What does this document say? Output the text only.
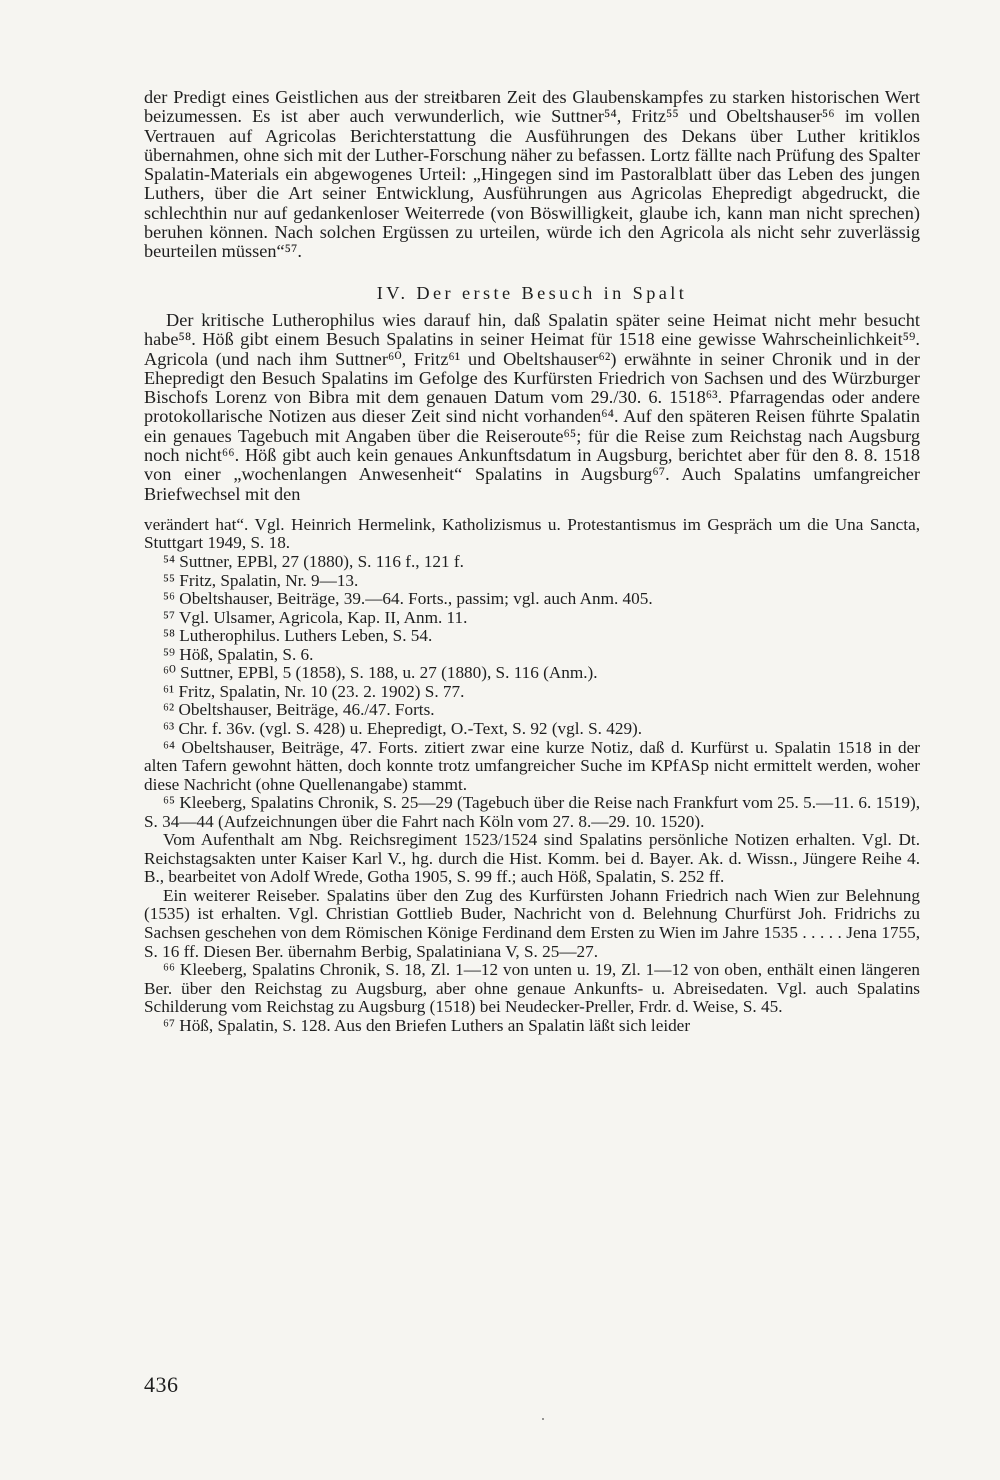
der Predigt eines Geistlichen aus der streitbaren Zeit des Glaubenskampfes zu starken historischen Wert beizumessen. Es ist aber auch verwunderlich, wie Suttner⁵⁴, Fritz⁵⁵ und Obeltshauser⁵⁶ im vollen Vertrauen auf Agricolas Berichterstattung die Ausführungen des Dekans über Luther kritiklos übernahmen, ohne sich mit der Luther-Forschung näher zu befassen. Lortz fällte nach Prüfung des Spalter Spalatin-Materials ein abgewogenes Urteil: „Hingegen sind im Pastoralblatt über das Leben des jungen Luthers, über die Art seiner Entwicklung, Ausführungen aus Agricolas Ehepredigt abgedruckt, die schlechthin nur auf gedankenloser Weiterrede (von Böswilligkeit, glaube ich, kann man nicht sprechen) beruhen können. Nach solchen Ergüssen zu urteilen, würde ich den Agricola als nicht sehr zuverlässig beurteilen müssen“⁵⁷.

IV. Der erste Besuch in Spalt

Der kritische Lutherophilus wies darauf hin, daß Spalatin später seine Heimat nicht mehr besucht habe⁵⁸. Höß gibt einem Besuch Spalatins in seiner Heimat für 1518 eine gewisse Wahrscheinlichkeit⁵⁹. Agricola (und nach ihm Suttner⁶⁰, Fritz⁶¹ und Obeltshauser⁶²) erwähnte in seiner Chronik und in der Ehepredigt den Besuch Spalatins im Gefolge des Kurfürsten Friedrich von Sachsen und des Würzburger Bischofs Lorenz von Bibra mit dem genauen Datum vom 29./30. 6. 1518⁶³. Pfarragendas oder andere protokollarische Notizen aus dieser Zeit sind nicht vorhanden⁶⁴. Auf den späteren Reisen führte Spalatin ein genaues Tagebuch mit Angaben über die Reiseroute⁶⁵; für die Reise zum Reichstag nach Augsburg noch nicht⁶⁶. Höß gibt auch kein genaues Ankunftsdatum in Augsburg, berichtet aber für den 8. 8. 1518 von einer „wochenlangen Anwesenheit“ Spalatins in Augsburg⁶⁷. Auch Spalatins umfangreicher Briefwechsel mit den

verändert hat“. Vgl. Heinrich Hermelink, Katholizismus u. Protestantismus im Gespräch um die Una Sancta, Stuttgart 1949, S. 18.

⁵⁴ Suttner, EPBl, 27 (1880), S. 116 f., 121 f.

⁵⁵ Fritz, Spalatin, Nr. 9—13.

⁵⁶ Obeltshauser, Beiträge, 39.—64. Forts., passim; vgl. auch Anm. 405.

⁵⁷ Vgl. Ulsamer, Agricola, Kap. II, Anm. 11.

⁵⁸ Lutherophilus. Luthers Leben, S. 54.

⁵⁹ Höß, Spalatin, S. 6.

⁶⁰ Suttner, EPBl, 5 (1858), S. 188, u. 27 (1880), S. 116 (Anm.).

⁶¹ Fritz, Spalatin, Nr. 10 (23. 2. 1902) S. 77.

⁶² Obeltshauser, Beiträge, 46./47. Forts.

⁶³ Chr. f. 36v. (vgl. S. 428) u. Ehepredigt, O.-Text, S. 92 (vgl. S. 429).

⁶⁴ Obeltshauser, Beiträge, 47. Forts. zitiert zwar eine kurze Notiz, daß d. Kurfürst u. Spalatin 1518 in der alten Tafern gewohnt hätten, doch konnte trotz umfangreicher Suche im KPfASp nicht ermittelt werden, woher diese Nachricht (ohne Quellenangabe) stammt.

⁶⁵ Kleeberg, Spalatins Chronik, S. 25—29 (Tagebuch über die Reise nach Frankfurt vom 25. 5.—11. 6. 1519), S. 34—44 (Aufzeichnungen über die Fahrt nach Köln vom 27. 8.—29. 10. 1520).

Vom Aufenthalt am Nbg. Reichsregiment 1523/1524 sind Spalatins persönliche Notizen erhalten. Vgl. Dt. Reichstagsakten unter Kaiser Karl V., hg. durch die Hist. Komm. bei d. Bayer. Ak. d. Wissn., Jüngere Reihe 4. B., bearbeitet von Adolf Wrede, Gotha 1905, S. 99 ff.; auch Höß, Spalatin, S. 252 ff.

Ein weiterer Reiseber. Spalatins über den Zug des Kurfürsten Johann Friedrich nach Wien zur Belehnung (1535) ist erhalten. Vgl. Christian Gottlieb Buder, Nachricht von d. Belehnung Churfürst Joh. Fridrichs zu Sachsen geschehen von dem Römischen Könige Ferdinand dem Ersten zu Wien im Jahre 1535 . . . . . Jena 1755, S. 16 ff. Diesen Ber. übernahm Berbig, Spalatiniana V, S. 25—27.

⁶⁶ Kleeberg, Spalatins Chronik, S. 18, Zl. 1—12 von unten u. 19, Zl. 1—12 von oben, enthält einen längeren Ber. über den Reichstag zu Augsburg, aber ohne genaue Ankunfts- u. Abreisedaten. Vgl. auch Spalatins Schilderung vom Reichstag zu Augsburg (1518) bei Neudecker-Preller, Frdr. d. Weise, S. 45.

⁶⁷ Höß, Spalatin, S. 128. Aus den Briefen Luthers an Spalatin läßt sich leider

436
